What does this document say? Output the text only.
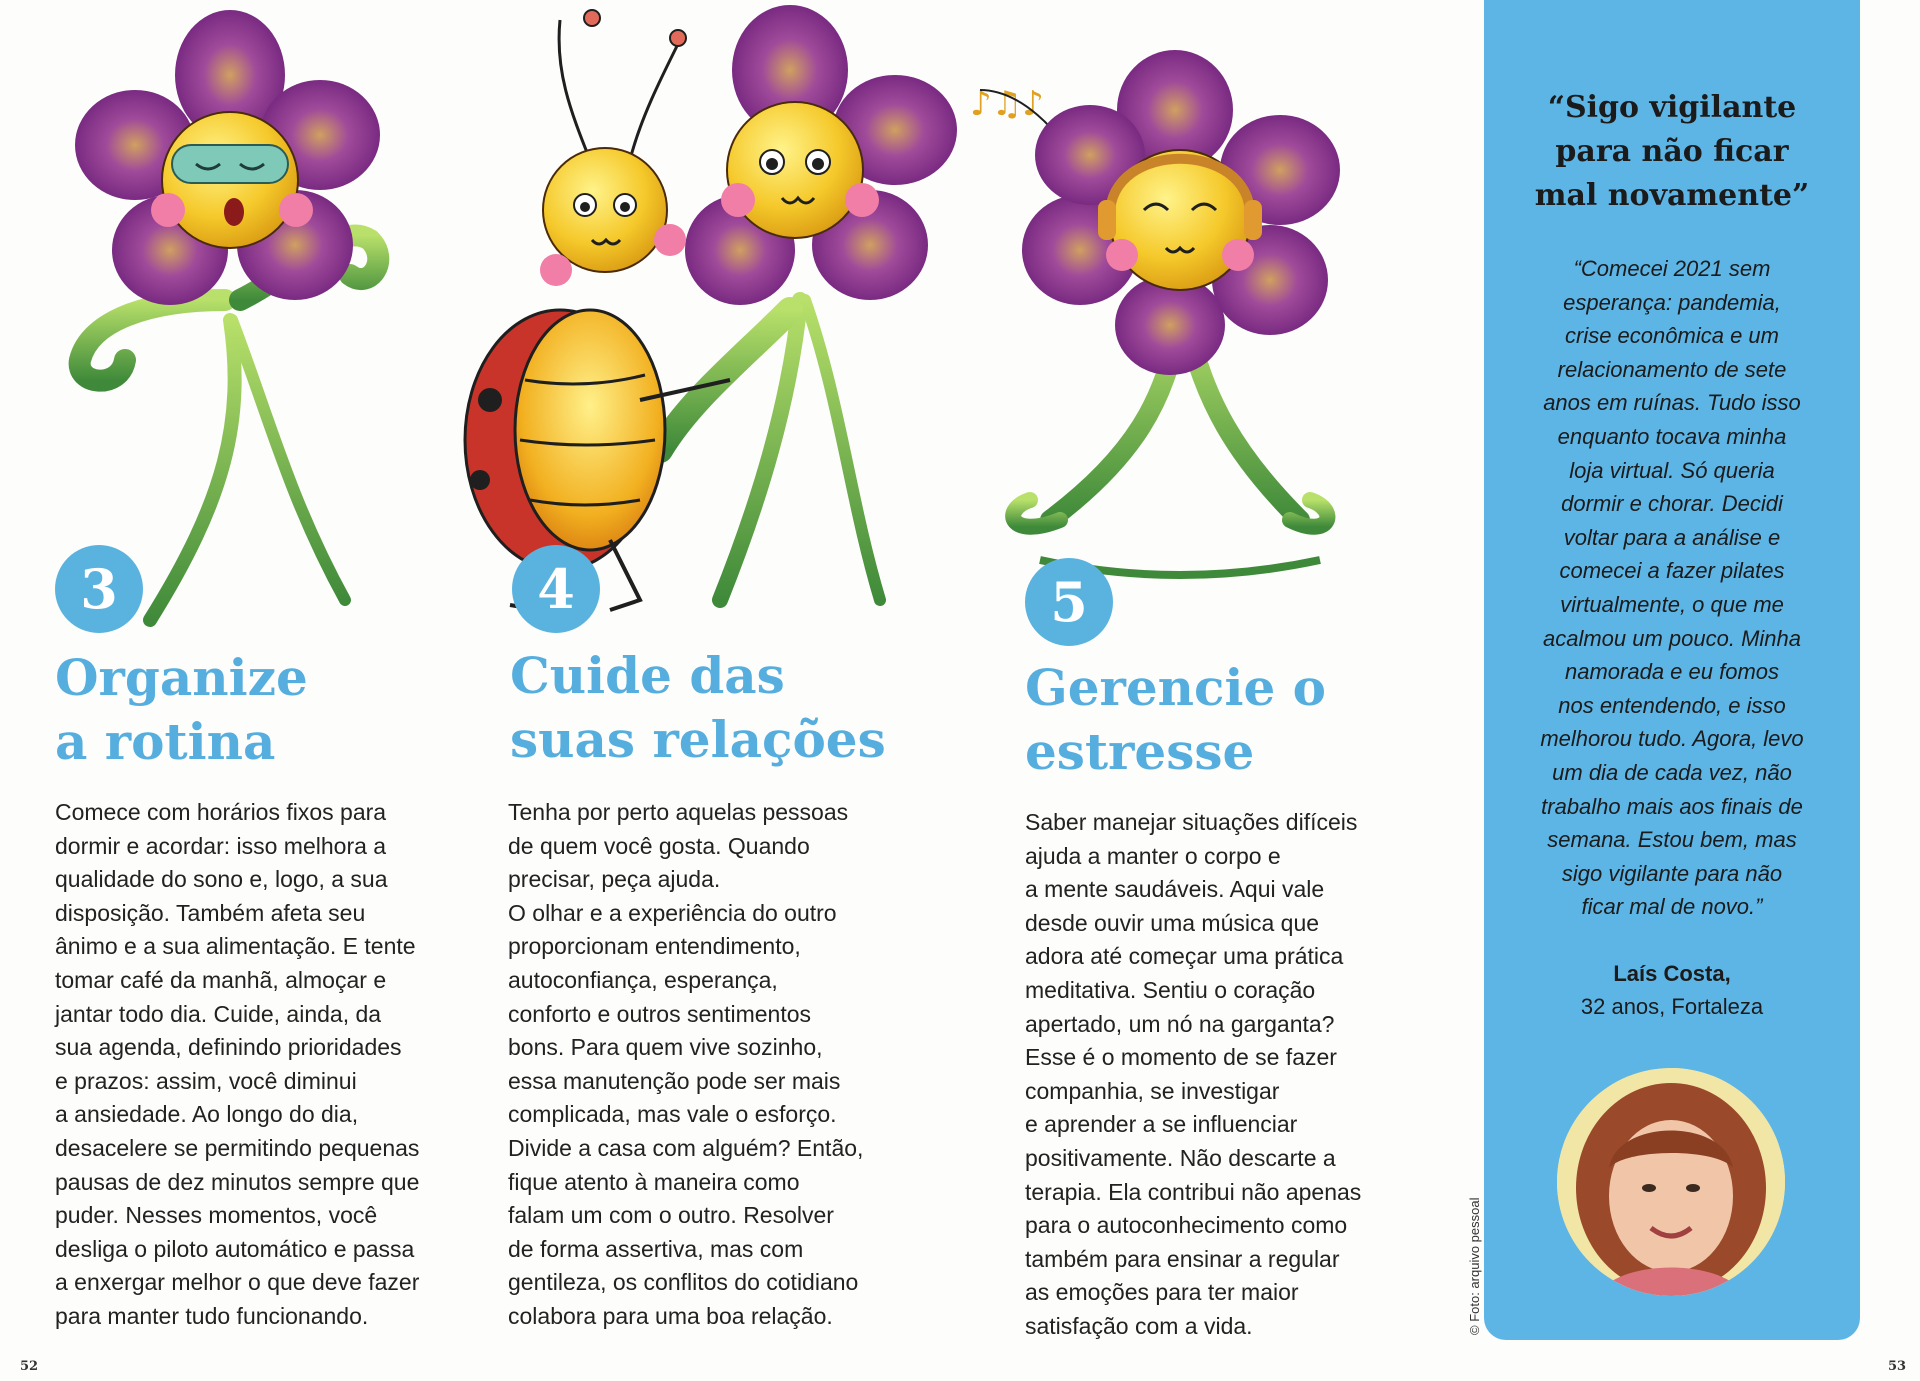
♪♫♪
3
Organize
a rotina

Comece com horários fixos para
dormir e acordar: isso melhora a
qualidade do sono e, logo, a sua
disposição. Também afeta seu
ânimo e a sua alimentação. E tente
tomar café da manhã, almoçar e
jantar todo dia. Cuide, ainda, da
sua agenda, definindo prioridades
e prazos: assim, você diminui
a ansiedade. Ao longo do dia,
desacelere se permitindo pequenas
pausas de dez minutos sempre que
puder. Nesses momentos, você
desliga o piloto automático e passa
a enxergar melhor o que deve fazer
para manter tudo funcionando.

4
Cuide das
suas relações

Tenha por perto aquelas pessoas
de quem você gosta. Quando
precisar, peça ajuda.
O olhar e a experiência do outro
proporcionam entendimento,
autoconfiança, esperança,
conforto e outros sentimentos
bons. Para quem vive sozinho,
essa manutenção pode ser mais
complicada, mas vale o esforço.
Divide a casa com alguém? Então,
fique atento à maneira como
falam um com o outro. Resolver
de forma assertiva, mas com
gentileza, os conflitos do cotidiano
colabora para uma boa relação.

5
Gerencie o
estresse

Saber manejar situações difíceis
ajuda a manter o corpo e
a mente saudáveis. Aqui vale
desde ouvir uma música que
adora até começar uma prática
meditativa. Sentiu o coração
apertado, um nó na garganta?
Esse é o momento de se fazer
companhia, se investigar
e aprender a se influenciar
positivamente. Não descarte a
terapia. Ela contribui não apenas
para o autoconhecimento como
também para ensinar a regular
as emoções para ter maior
satisfação com a vida.

“Sigo vigilante
para não ficar
mal novamente”

“Comecei 2021 sem
esperança: pandemia,
crise econômica e um
relacionamento de sete
anos em ruínas. Tudo isso
enquanto tocava minha
loja virtual. Só queria
dormir e chorar. Decidi
voltar para a análise e
comecei a fazer pilates
virtualmente, o que me
acalmou um pouco. Minha
namorada e eu fomos
nos entendendo, e isso
melhorou tudo. Agora, levo
um dia de cada vez, não
trabalho mais aos finais de
semana. Estou bem, mas
sigo vigilante para não
ficar mal de novo.”

Laís Costa,
32 anos, Fortaleza
© Foto: arquivo pessoal
52	53
